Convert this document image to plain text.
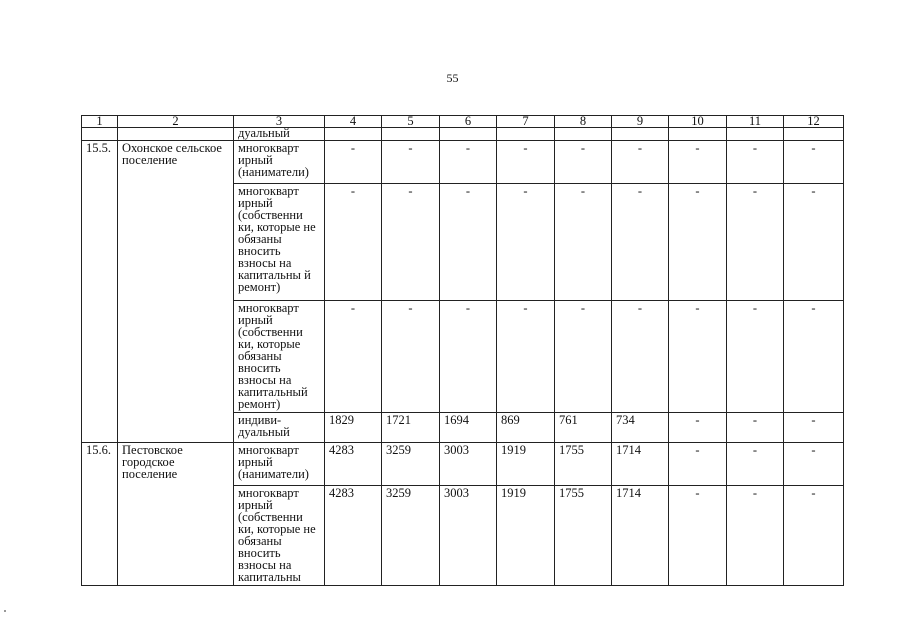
55
1	2	3	4	5	6	7	8	9	10	11	12
		дуальный									
15.5.	Охонское сельское поселение	многокварт ирный (наниматели)	-	-	-	-	-	-	-	-	-
		многокварт ирный (собственни ки, которые не обязаны вносить взносы на капитальны й ремонт)	-	-	-	-	-	-	-	-	-
		многокварт ирный (собственни ки, которые обязаны вносить взносы на капитальный ремонт)	-	-	-	-	-	-	-	-	-
		индиви- дуальный	1829	1721	1694	869	761	734	-	-	-
15.6.	Пестовское городское поселение	многокварт ирный (наниматели)	4283	3259	3003	1919	1755	1714	-	-	-
		многокварт ирный (собственни ки, которые не обязаны вносить взносы на капитальны	4283	3259	3003	1919	1755	1714	-	-	-
